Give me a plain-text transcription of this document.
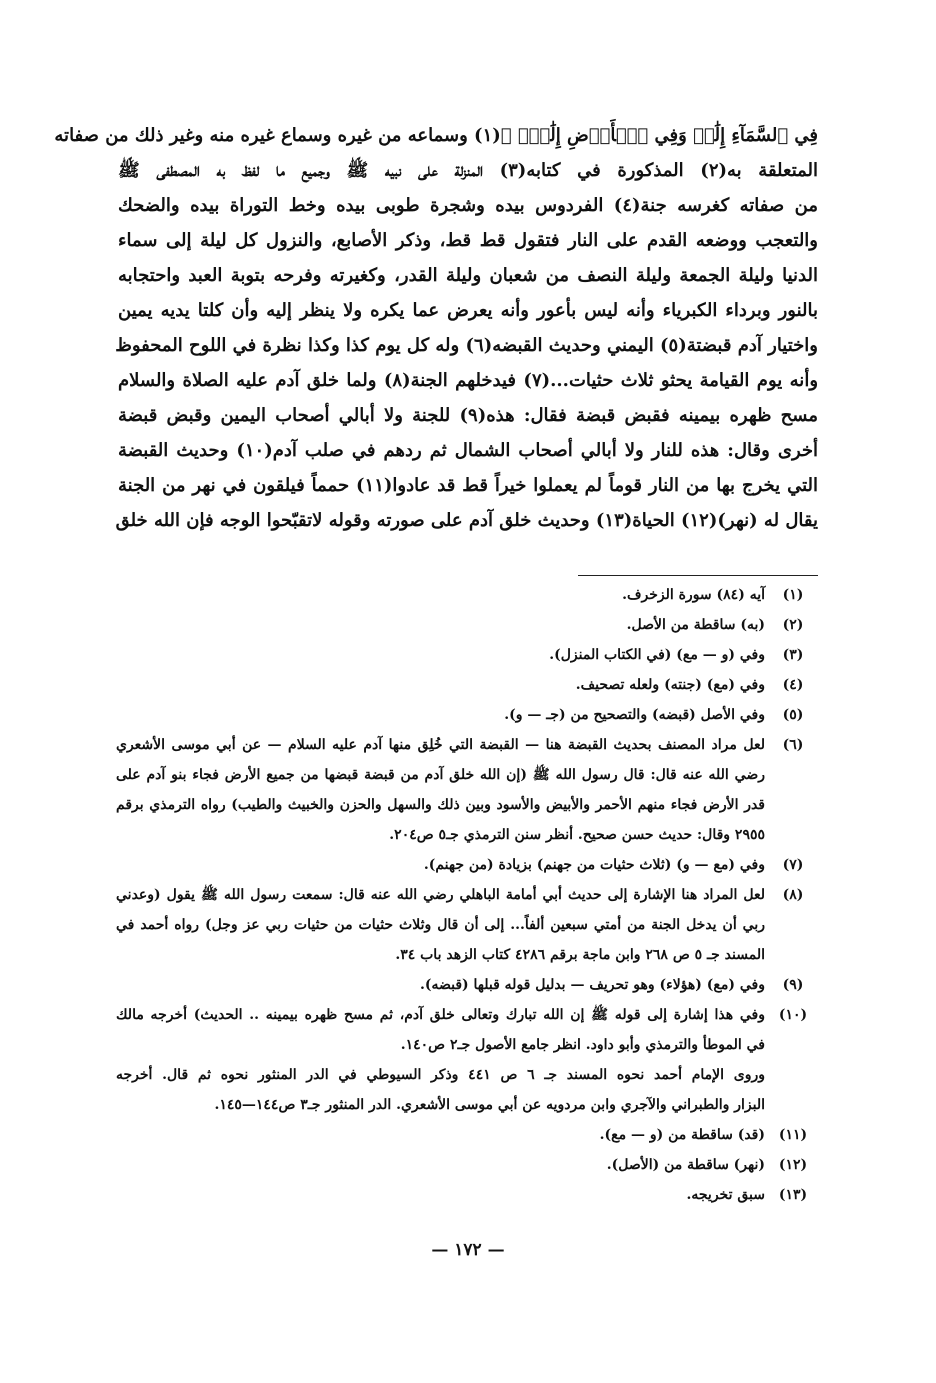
فِي ٱلسَّمَآءِ إِلَٰهٞ وَفِي ٱلۡأَرۡضِ إِلَٰهٞۚ ﴾(١) وسماعه من غيره وسماع غيره منه وغير ذلك من صفاته
المتعلقة به(٢) المذكورة في كتابه(٣) المنزلة على نبيه ﷺ وجميع ما لفظ به المصطفى ﷺ
من صفاته كغرسه جنة(٤) الفردوس بيده وشجرة طوبى بيده وخط التوراة بيده والضحك
والتعجب ووضعه القدم على النار فتقول قط قط، وذكر الأصابع، والنزول كل ليلة إلى سماء
الدنيا وليلة الجمعة وليلة النصف من شعبان وليلة القدر، وكغيرته وفرحه بتوبة العبد واحتجابه
بالنور وبرداء الكبرياء وأنه ليس بأعور وأنه يعرض عما يكره ولا ينظر إليه وأن كلتا يديه يمين
واختيار آدم قبضتة(٥) اليمني وحديث القبضه(٦) وله كل يوم كذا وكذا نظرة في اللوح المحفوظ
وأنه يوم القيامة يحثو ثلاث حثيات...(٧) فيدخلهم الجنة(٨) ولما خلق آدم عليه الصلاة والسلام
مسح ظهره بيمينه فقبض قبضة فقال: هذه(٩) للجنة ولا أبالي أصحاب اليمين وقبض قبضة
أخرى وقال: هذه للنار ولا أبالي أصحاب الشمال ثم ردهم في صلب آدم(١٠) وحديث القبضة
التي يخرج بها من النار قوماً لم يعملوا خيراً قط قد عادوا(١١) حمماً فيلقون في نهر من الجنة
يقال له (نهر)(١٢) الحياة(١٣) وحديث خلق آدم على صورته وقوله لاتقبّحوا الوجه فإن الله خلق
(١)
آيه (٨٤) سورة الزخرف.
(٢)
(به) ساقطة من الأصل.
(٣)
وفي (و — مع) (في الكتاب المنزل).
(٤)
وفي (مع) (جنته) ولعله تصحيف.
(٥)
وفي الأصل (قبضه) والتصحيح من (جـ — و).
(٦)
لعل مراد المصنف بحديث القبضة هنا — القبضة التي خُلِق منها آدم عليه السلام — عن أبي موسى الأشعري
رضي الله عنه قال: قال رسول الله ﷺ (إن الله خلق آدم من قبضة قبضها من جميع الأرض فجاء بنو آدم على
قدر الأرض فجاء منهم الأحمر والأبيض والأسود وبين ذلك والسهل والحزن والخبيث والطيب) رواه الترمذي برقم
٢٩٥٥ وقال: حديث حسن صحيح. أنظر سنن الترمذي جـ٥ ص٢٠٤.
(٧)
وفي (مع — و) (ثلاث حثيات من جهنم) بزيادة (من جهنم).
(٨)
لعل المراد هنا الإشارة إلى حديث أبي أمامة الباهلي رضي الله عنه قال: سمعت رسول الله ﷺ يقول (وعدني
ربي أن يدخل الجنة من أمتي سبعين ألفاً... إلى أن قال وثلاث حثيات من حثيات ربي عز وجل) رواه أحمد في
المسند جـ ٥ ص ٢٦٨ وابن ماجة برقم ٤٢٨٦ كتاب الزهد باب ٣٤.
(٩)
وفي (مع) (هؤلاء) وهو تحريف — بدليل قوله قبلها (قبضه).
(١٠)
وفي هذا إشارة إلى قوله ﷺ إن الله تبارك وتعالى خلق آدم، ثم مسح ظهره بيمينه .. الحديث) أخرجه مالك
في الموطأ والترمذي وأبو داود. انظر جامع الأصول جـ٢ ص١٤٠.
وروى الإمام أحمد نحوه المسند جـ ٦ ص ٤٤١ وذكر السيوطي في الدر المنثور نحوه ثم قال. أخرجه
البزار والطبراني والآجري وابن مردويه عن أبي موسى الأشعري. الدر المنثور جـ٣ ص١٤٤—١٤٥.
(١١)
(قد) ساقطة من (و — مع).
(١٢)
(نهر) ساقطة من (الأصل).
(١٣)
سبق تخريجه.
— ١٧٢ —
